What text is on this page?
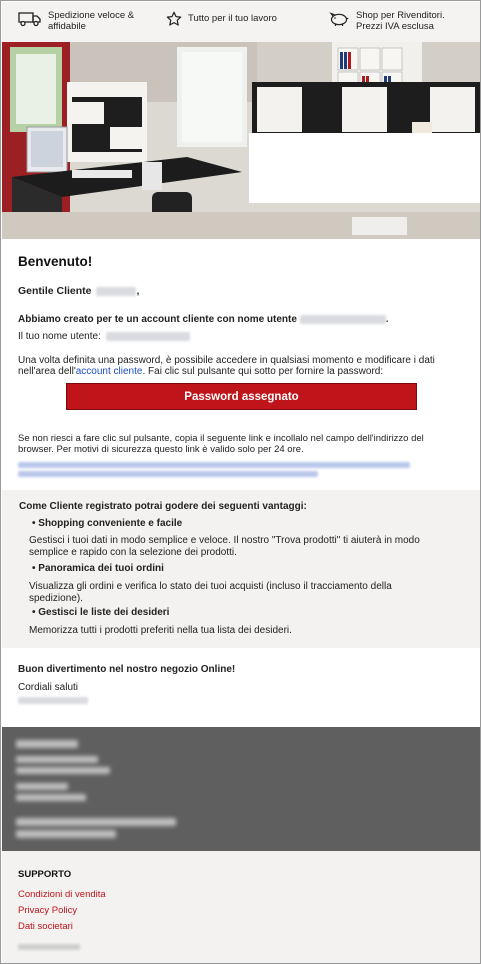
Spedizione veloce &
affidabile
Tutto per il tuo lavoro	Shop per Rivenditori.
Prezzi IVA esclusa
Benvenuto!
Gentile Cliente	,
Abbiamo creato per te un account cliente con nome utente	.
Il tuo nome utente:
Una volta definita una password, è possibile accedere in qualsiasi momento e modificare i dati
nell'area dell'account cliente. Fai clic sul pulsante qui sotto per fornire la password:
Password assegnato
Se non riesci a fare clic sul pulsante, copia il seguente link e incollalo nel campo dell'indirizzo del
browser. Per motivi di sicurezza questo link è valido solo per 24 ore.
Come Cliente registrato potrai godere dei seguenti vantaggi:
• Shopping conveniente e facile
Gestisci i tuoi dati in modo semplice e veloce. Il nostro "Trova prodotti" ti aiuterà in modo
semplice e rapido con la selezione dei prodotti.
• Panoramica dei tuoi ordini
Visualizza gli ordini e verifica lo stato dei tuoi acquisti (incluso il tracciamento della
spedizione).
• Gestisci le liste dei desideri
Memorizza tutti i prodotti preferiti nella tua lista dei desideri.
Buon divertimento nel nostro negozio Online!
Cordiali saluti
SUPPORTO
Condizioni di vendita
Privacy Policy
Dati societari
